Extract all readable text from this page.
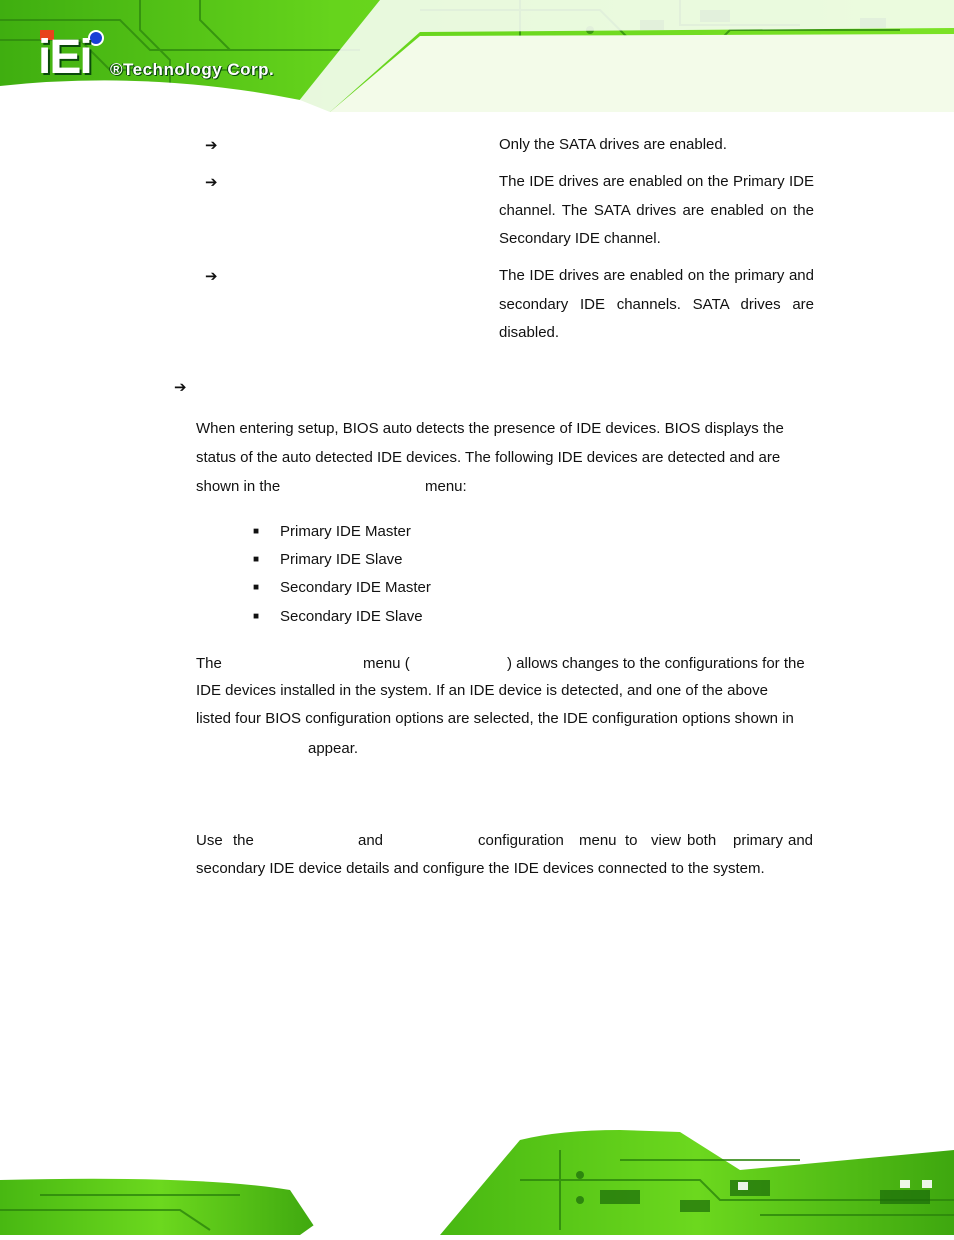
iEi ®Technology Corp.
➔	Only the SATA drives are enabled.
➔	The IDE drives are enabled on the Primary IDE channel. The SATA drives are enabled on the Secondary IDE channel.
➔	The IDE drives are enabled on the primary and secondary IDE channels. SATA drives are disabled.
➔
When entering setup, BIOS auto detects the presence of IDE devices. BIOS displays the
status of the auto detected IDE devices. The following IDE devices are detected and are
shown in the	menu:
■ Primary IDE Master
■ Primary IDE Slave
■ Secondary IDE Master
■ Secondary IDE Slave
The	menu (	) allows changes to the configurations for the
IDE devices installed in the system. If an IDE device is detected, and one of the above
listed four BIOS configuration options are selected, the IDE configuration options shown in
appear.
Use the	and	configuration menu to view both primary and
secondary IDE device details and configure the IDE devices connected to the system.
